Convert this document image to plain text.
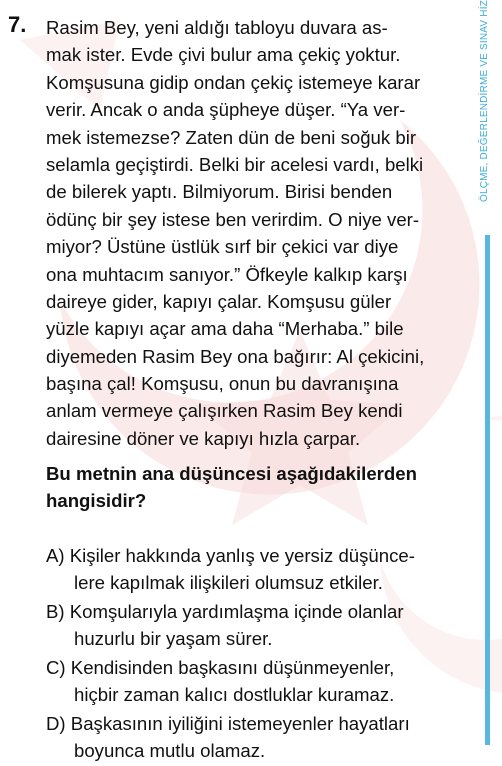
ÖLÇME, DEĞERLENDİRME VE SINAV HİZ
7. Rasim Bey, yeni aldığı tabloyu duvara as-
mak ister. Evde çivi bulur ama çekiç yoktur.
Komşusuna gidip ondan çekiç istemeye karar
verir. Ancak o anda şüpheye düşer. “Ya ver-
mek istemezse? Zaten dün de beni soğuk bir
selamla geçiştirdi. Belki bir acelesi vardı, belki
de bilerek yaptı. Bilmiyorum. Birisi benden
ödünç bir şey istese ben verirdim. O niye ver-
miyor? Üstüne üstlük sırf bir çekici var diye
ona muhtacım sanıyor.” Öfkeyle kalkıp karşı
daireye gider, kapıyı çalar. Komşusu güler
yüzle kapıyı açar ama daha “Merhaba.” bile
diyemeden Rasim Bey ona bağırır: Al çekicini,
başına çal! Komşusu, onun bu davranışına
anlam vermeye çalışırken Rasim Bey kendi
dairesine döner ve kapıyı hızla çarpar.
Bu metnin ana düşüncesi aşağıdakilerden
hangisidir?
A) Kişiler hakkında yanlış ve yersiz düşünce-
lere kapılmak ilişkileri olumsuz etkiler.
B) Komşularıyla yardımlaşma içinde olanlar
huzurlu bir yaşam sürer.
C) Kendisinden başkasını düşünmeyenler,
hiçbir zaman kalıcı dostluklar kuramaz.
D) Başkasının iyiliğini istemeyenler hayatları
boyunca mutlu olamaz.
